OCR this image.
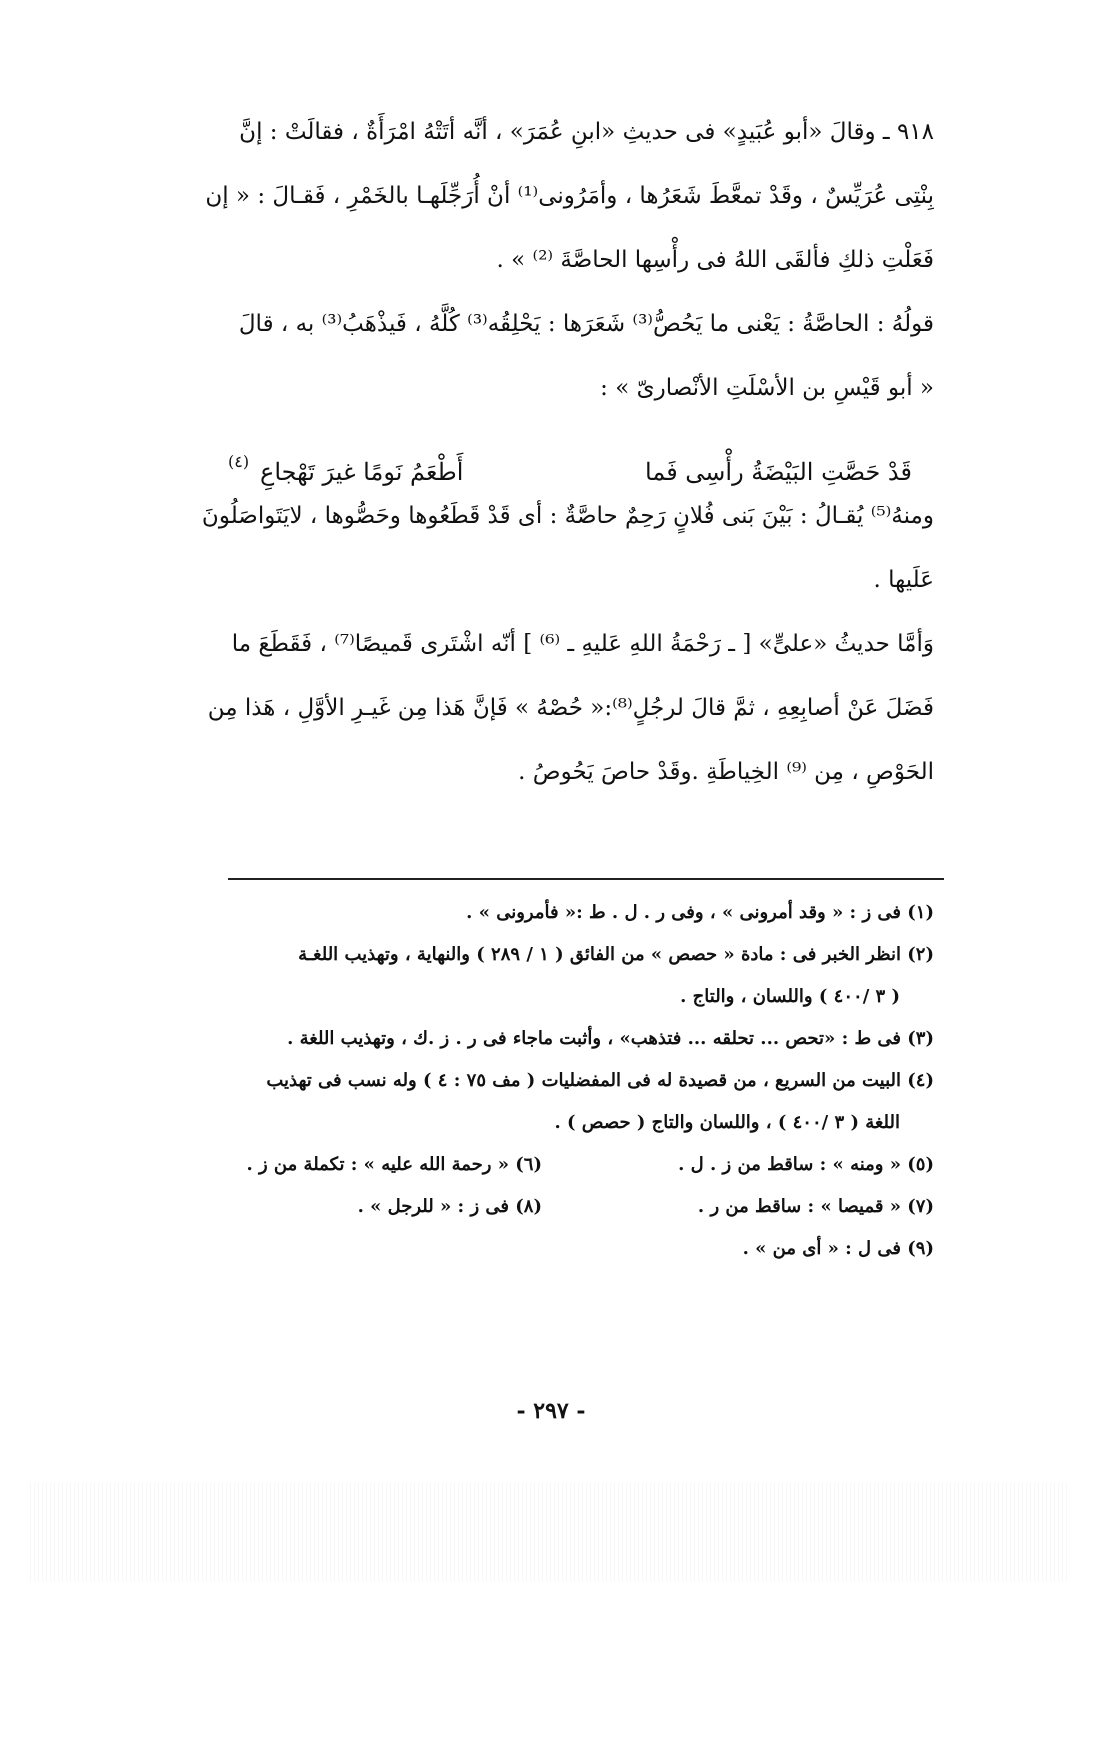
٩١٨ ـ وقالَ «أبو عُبَيدٍ» فى حديثِ «ابنِ عُمَرَ» ، أنَّه أتَتْهُ امْرَأَةٌ ، فقالَتْ : إنَّ
بِنْتِى عُرَيِّسٌ ، وقَدْ تمعَّطَ شَعَرُها ، وأمَرُونى⁽¹⁾ أنْ أُرَجِّلَهـا بالخَمْرِ ، فَقـالَ : « إن
فَعَلْتِ ذلكِ فألقَى اللهُ فى رأْسِها الحاصَّةَ ⁽²⁾ » .
قولُهُ : الحاصَّةُ : يَعْنى ما يَحُصُّ⁽³⁾ شَعَرَها : يَحْلِقُه⁽³⁾ كُلَّهُ ، فَيذْهَبُ⁽³⁾ به ، قالَ
« أبو قَيْسِ بن الأسْلَتِ الأنْصارىّ » :
قَدْ حَصَّتِ البَيْضَةُ رأْسِى فَما
أَطْعَمُ نَومًا غيرَ تَهْجاعِ
(٤)
ومنهُ⁽⁵⁾ يُقـالُ : بَيْنَ بَنى فُلانٍ رَحِمٌ حاصَّةٌ : أى قَدْ قَطَعُوها وحَصُّوها ، لايَتَواصَلُونَ
عَلَيها .
وَأمَّا حديثُ «علىٍّ» [ ـ رَحْمَةُ اللهِ عَليهِ ـ ⁽⁶⁾ ] أنّه اشْتَرى قَميصًا⁽⁷⁾ ، فَقَطَعَ ما
فَضَلَ عَنْ أصابِعِهِ ، ثمَّ قالَ لرجُلٍ⁽⁸⁾:« حُصْهُ » فَإنَّ هَذا مِن غَيـرِ الأوَّلِ ، هَذا مِن
الحَوْصِ ، مِن ⁽⁹⁾ الخِياطَةِ .وقَدْ حاصَ يَحُوصُ .
(١) فى ز : « وقد أمرونى » ، وفى ر . ل . ط :« فأمرونى » .
(٢) انظر الخبر فى : مادة « حصص » من الفائق ( ١ / ٢٨٩ ) والنهاية ، وتهذيب اللغـة
( ٣ /٤٠٠ ) واللسان ، والتاج .
(٣) فى ط : «تحص ... تحلقه ... فتذهب» ، وأثبت ماجاء فى ر . ز .ك ، وتهذيب اللغة .
(٤) البيت من السريع ، من قصيدة له فى المفضليات ( مف ٧٥ : ٤ ) وله نسب فى تهذيب
اللغة ( ٣ /٤٠٠ ) ، واللسان والتاج ( حصص ) .
(٥) « ومنه » : ساقط من ز . ل .
(٦) « رحمة الله عليه » : تكملة من ز .
(٧) « قميصا » : ساقط من ر .
(٨) فى ز : « للرجل » .
(٩) فى ل : « أى من » .
- ٢٩٧ -
